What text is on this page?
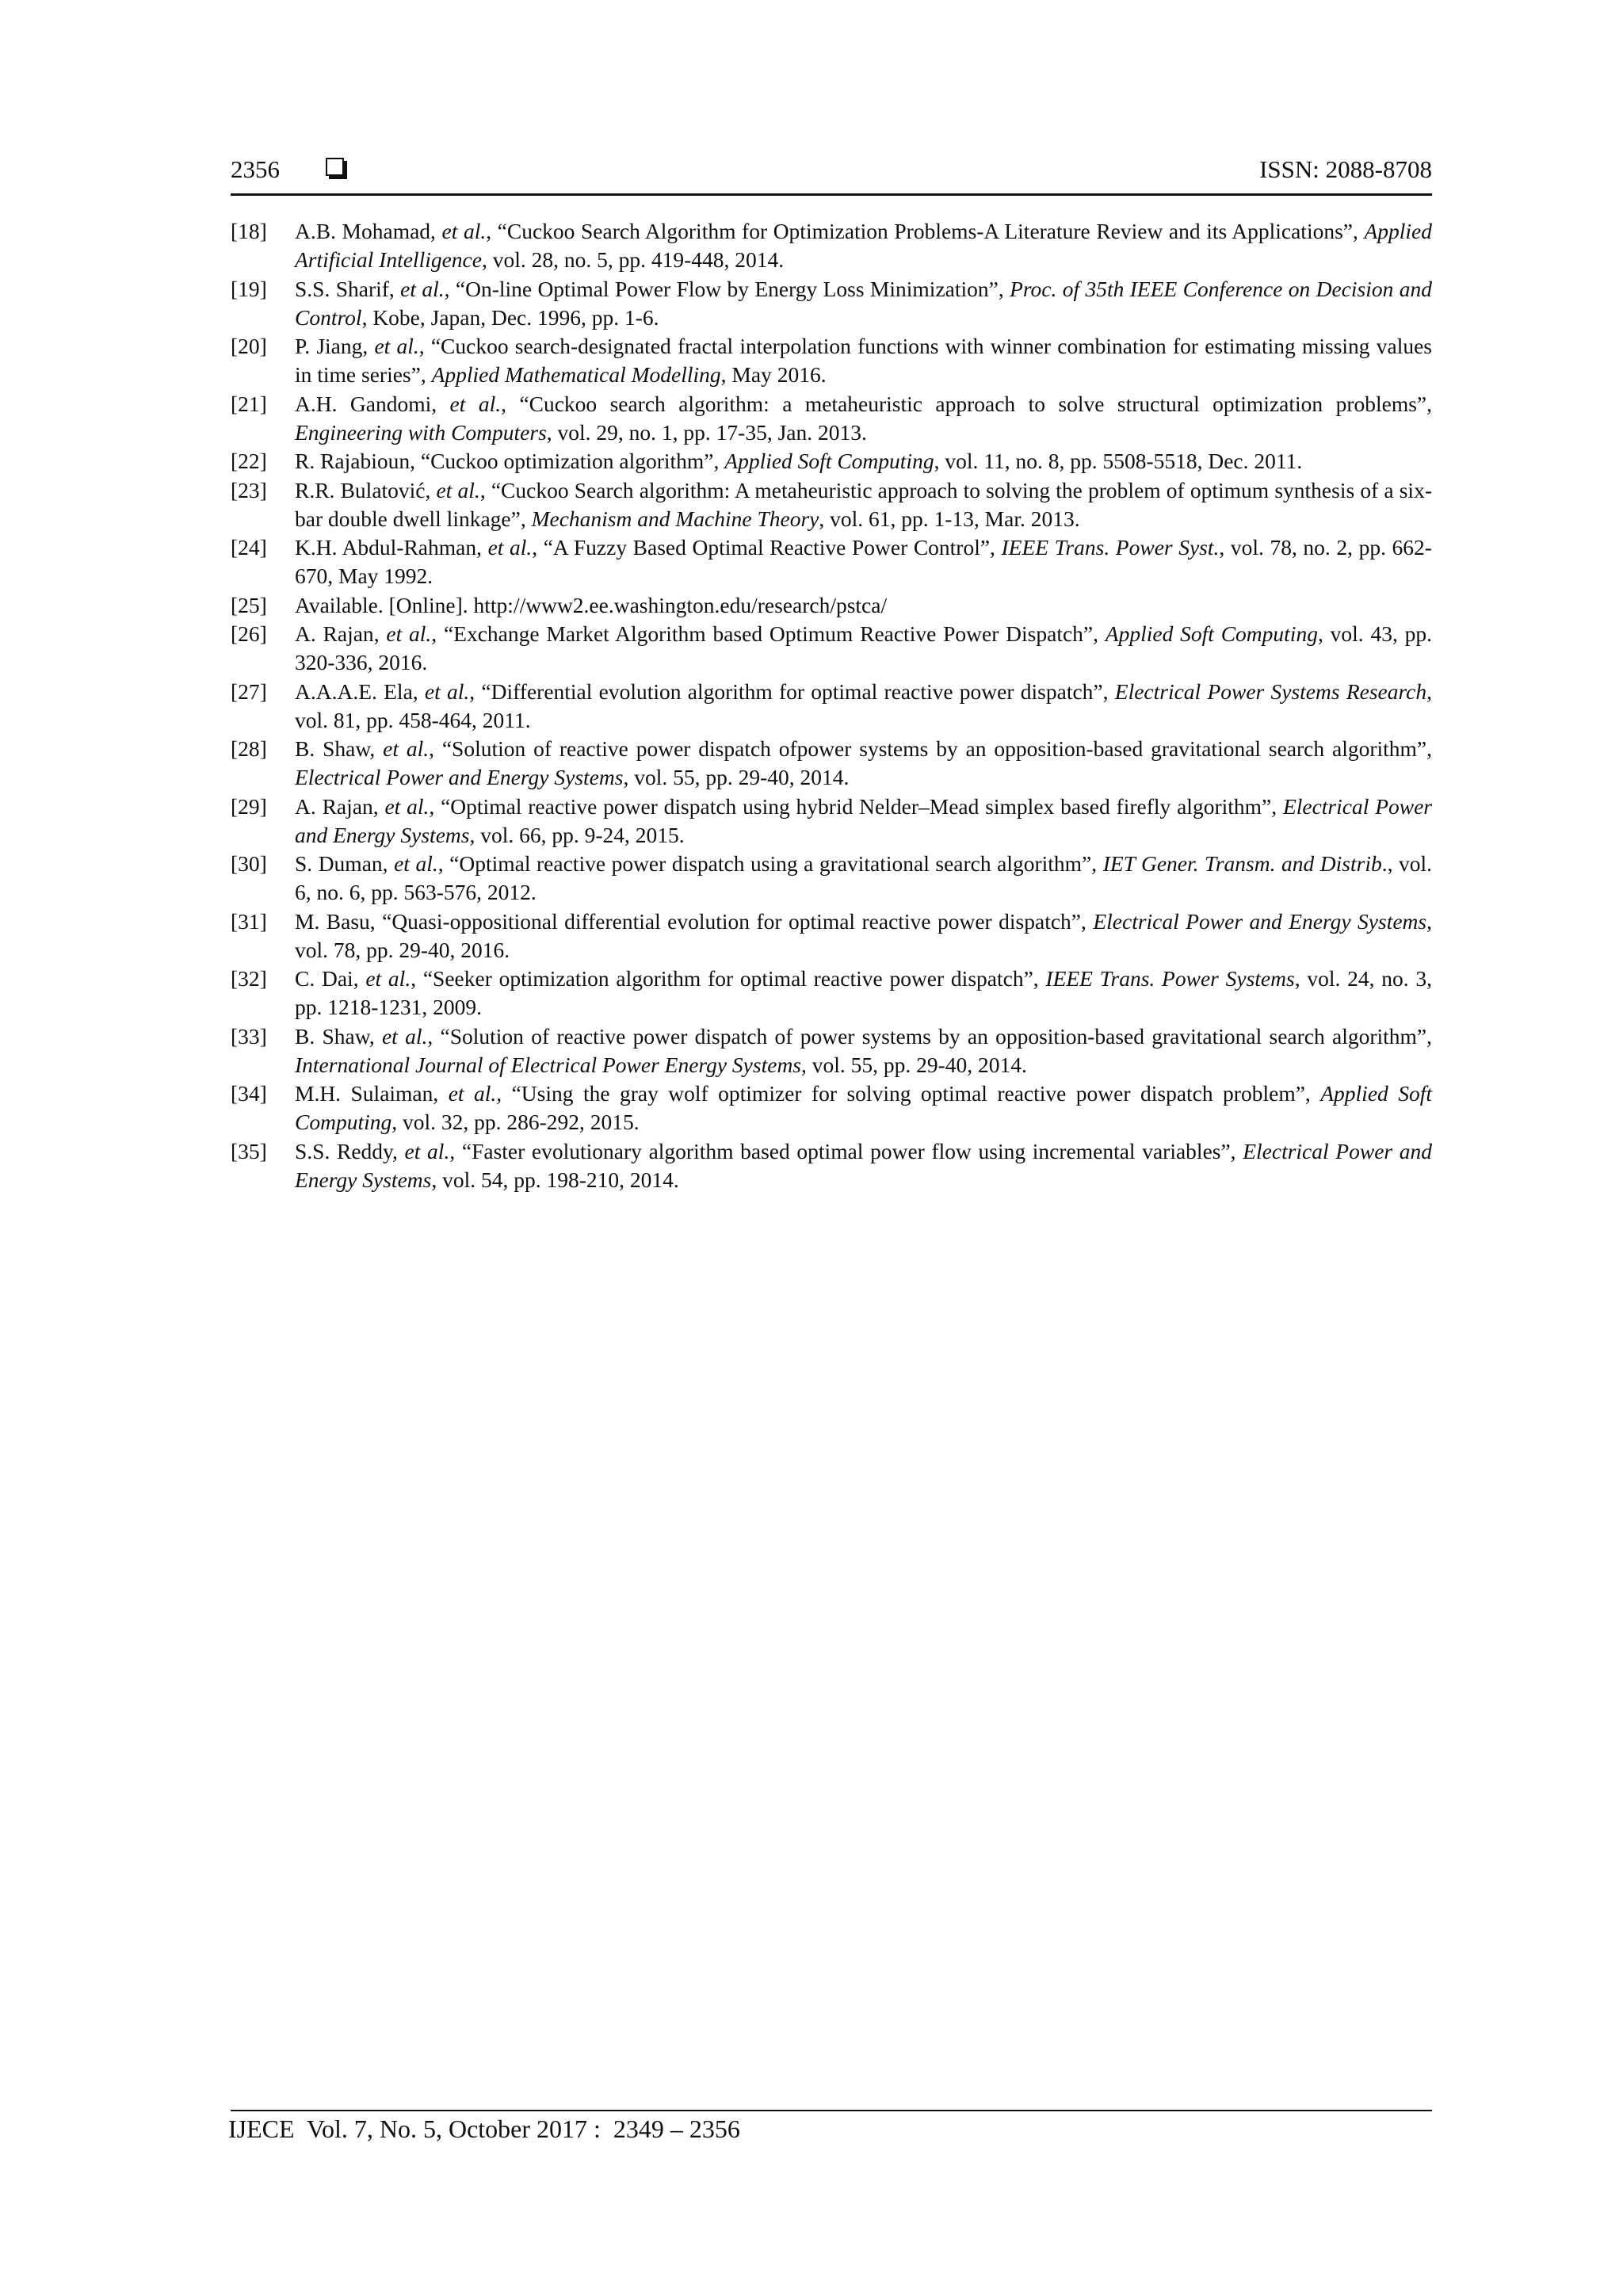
2356	ISSN: 2088-8708
[18] A.B. Mohamad, et al., “Cuckoo Search Algorithm for Optimization Problems-A Literature Review and its Applications”, Applied Artificial Intelligence, vol. 28, no. 5, pp. 419-448, 2014.
[19] S.S. Sharif, et al., “On-line Optimal Power Flow by Energy Loss Minimization”, Proc. of 35th IEEE Conference on Decision and Control, Kobe, Japan, Dec. 1996, pp. 1-6.
[20] P. Jiang, et al., “Cuckoo search-designated fractal interpolation functions with winner combination for estimating missing values in time series”, Applied Mathematical Modelling, May 2016.
[21] A.H. Gandomi, et al., “Cuckoo search algorithm: a metaheuristic approach to solve structural optimization problems”, Engineering with Computers, vol. 29, no. 1, pp. 17-35, Jan. 2013.
[22] R. Rajabioun, “Cuckoo optimization algorithm”, Applied Soft Computing, vol. 11, no. 8, pp. 5508-5518, Dec. 2011.
[23] R.R. Bulatović, et al., “Cuckoo Search algorithm: A metaheuristic approach to solving the problem of optimum synthesis of a six-bar double dwell linkage”, Mechanism and Machine Theory, vol. 61, pp. 1-13, Mar. 2013.
[24] K.H. Abdul-Rahman, et al., “A Fuzzy Based Optimal Reactive Power Control”, IEEE Trans. Power Syst., vol. 78, no. 2, pp. 662-670, May 1992.
[25] Available. [Online]. http://www2.ee.washington.edu/research/pstca/
[26] A. Rajan, et al., “Exchange Market Algorithm based Optimum Reactive Power Dispatch”, Applied Soft Computing, vol. 43, pp. 320-336, 2016.
[27] A.A.A.E. Ela, et al., “Differential evolution algorithm for optimal reactive power dispatch”, Electrical Power Systems Research, vol. 81, pp. 458-464, 2011.
[28] B. Shaw, et al., “Solution of reactive power dispatch ofpower systems by an opposition-based gravitational search algorithm”, Electrical Power and Energy Systems, vol. 55, pp. 29-40, 2014.
[29] A. Rajan, et al., “Optimal reactive power dispatch using hybrid Nelder–Mead simplex based firefly algorithm”, Electrical Power and Energy Systems, vol. 66, pp. 9-24, 2015.
[30] S. Duman, et al., “Optimal reactive power dispatch using a gravitational search algorithm”, IET Gener. Transm. and Distrib., vol. 6, no. 6, pp. 563-576, 2012.
[31] M. Basu, “Quasi-oppositional differential evolution for optimal reactive power dispatch”, Electrical Power and Energy Systems, vol. 78, pp. 29-40, 2016.
[32] C. Dai, et al., “Seeker optimization algorithm for optimal reactive power dispatch”, IEEE Trans. Power Systems, vol. 24, no. 3, pp. 1218-1231, 2009.
[33] B. Shaw, et al., “Solution of reactive power dispatch of power systems by an opposition-based gravitational search algorithm”, International Journal of Electrical Power Energy Systems, vol. 55, pp. 29-40, 2014.
[34] M.H. Sulaiman, et al., “Using the gray wolf optimizer for solving optimal reactive power dispatch problem”, Applied Soft Computing, vol. 32, pp. 286-292, 2015.
[35] S.S. Reddy, et al., “Faster evolutionary algorithm based optimal power flow using incremental variables”, Electrical Power and Energy Systems, vol. 54, pp. 198-210, 2014.
IJECE  Vol. 7, No. 5, October 2017 :  2349 – 2356
